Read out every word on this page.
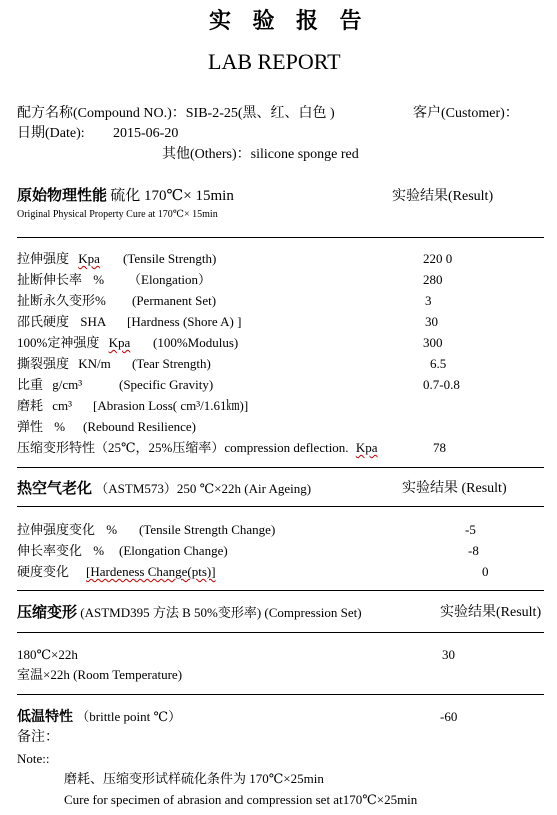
实 验 报 告
LAB REPORT
配方名称(Compound NO.)：SIB-2-25(黑、红、白色 )	客户(Customer)：
日期(Date): 2015-06-20
其他(Others)：silicone sponge red
原始物理性能 硫化 170℃× 15min	实验结果(Result)
Original Physical Property Cure at 170℃× 15min
拉伸强度 Kpa (Tensile Strength)	220 0
扯断伸长率 % （Elongation）	280
扯断永久变形% (Permanent Set)	3
邵氏硬度 SHA [Hardness (Shore A) ]	30
100%定神强度 Kpa (100%Modulus)	300
撕裂强度 KN/m (Tear Strength)	6.5
比重 g/cm³	(Specific Gravity)	0.7-0.8
磨耗 cm³ [Abrasion Loss( cm³/1.61㎞)]
弹性 % (Rebound Resilience)
压缩变形特性（25℃，25%压缩率）compression deflection. Kpa	78
热空气老化 （ASTM573）250 ℃×22h (Air Ageing)	实验结果 (Result)
拉伸强度变化 % (Tensile Strength Change)	-5
伸长率变化 % (Elongation Change)	-8
硬度变化 [Hardeness Change(pts)]	0
压缩变形 (ASTMD395 方法 B 50%变形率) (Compression Set)	实验结果(Result)
180℃×22h	30
室温×22h (Room Temperature)
低温特性 （brittle point ℃）	-60
备注：
Note::
磨耗、压缩变形试样硫化条件为 170℃×25min
Cure for specimen of abrasion and compression set at170℃×25min
